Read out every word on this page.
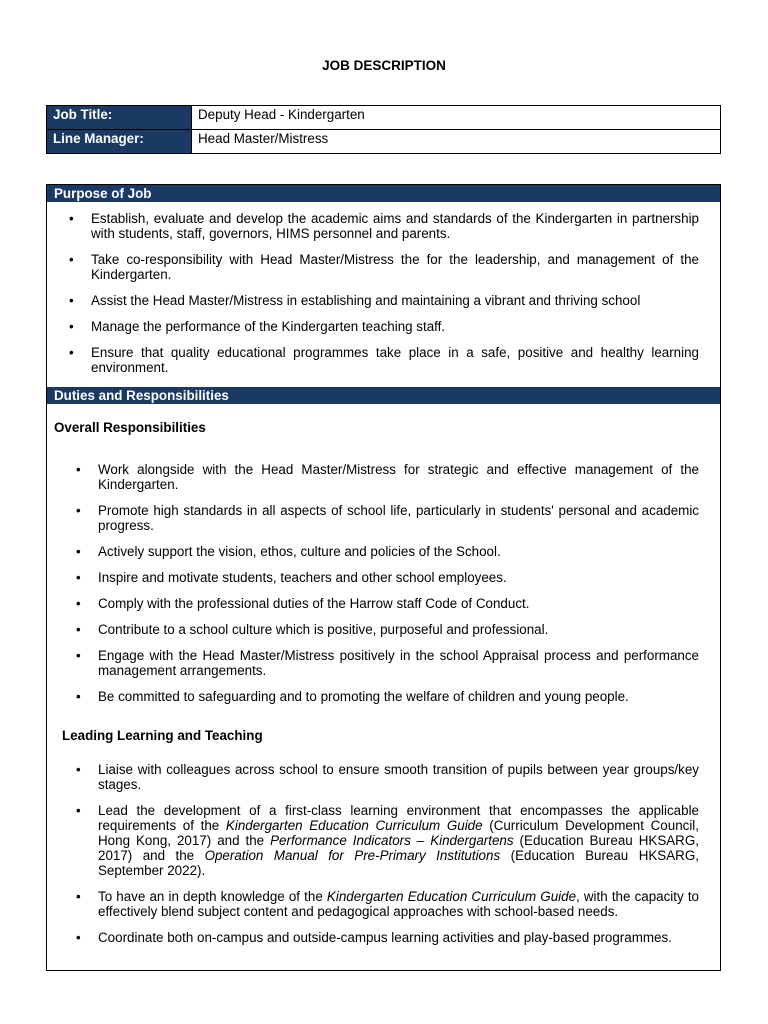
JOB DESCRIPTION
Job Title:	Deputy Head - Kindergarten
Line Manager:	Head Master/Mistress
Purpose of Job
• Establish, evaluate and develop the academic aims and standards of the Kindergarten in partnership with students, staff, governors, HIMS personnel and parents.
• Take co-responsibility with Head Master/Mistress the for the leadership, and management of the Kindergarten.
• Assist the Head Master/Mistress in establishing and maintaining a vibrant and thriving school
• Manage the performance of the Kindergarten teaching staff.
• Ensure that quality educational programmes take place in a safe, positive and healthy learning environment.
Duties and Responsibilities
Overall Responsibilities
• Work alongside with the Head Master/Mistress for strategic and effective management of the Kindergarten.
• Promote high standards in all aspects of school life, particularly in students' personal and academic progress.
• Actively support the vision, ethos, culture and policies of the School.
• Inspire and motivate students, teachers and other school employees.
• Comply with the professional duties of the Harrow staff Code of Conduct.
• Contribute to a school culture which is positive, purposeful and professional.
• Engage with the Head Master/Mistress positively in the school Appraisal process and performance management arrangements.
• Be committed to safeguarding and to promoting the welfare of children and young people.
Leading Learning and Teaching
• Liaise with colleagues across school to ensure smooth transition of pupils between year groups/key stages.
• Lead the development of a first-class learning environment that encompasses the applicable requirements of the Kindergarten Education Curriculum Guide (Curriculum Development Council, Hong Kong, 2017) and the Performance Indicators – Kindergartens (Education Bureau HKSARG, 2017) and the Operation Manual for Pre-Primary Institutions (Education Bureau HKSARG, September 2022).
• To have an in depth knowledge of the Kindergarten Education Curriculum Guide, with the capacity to effectively blend subject content and pedagogical approaches with school-based needs.
• Coordinate both on-campus and outside-campus learning activities and play-based programmes.
